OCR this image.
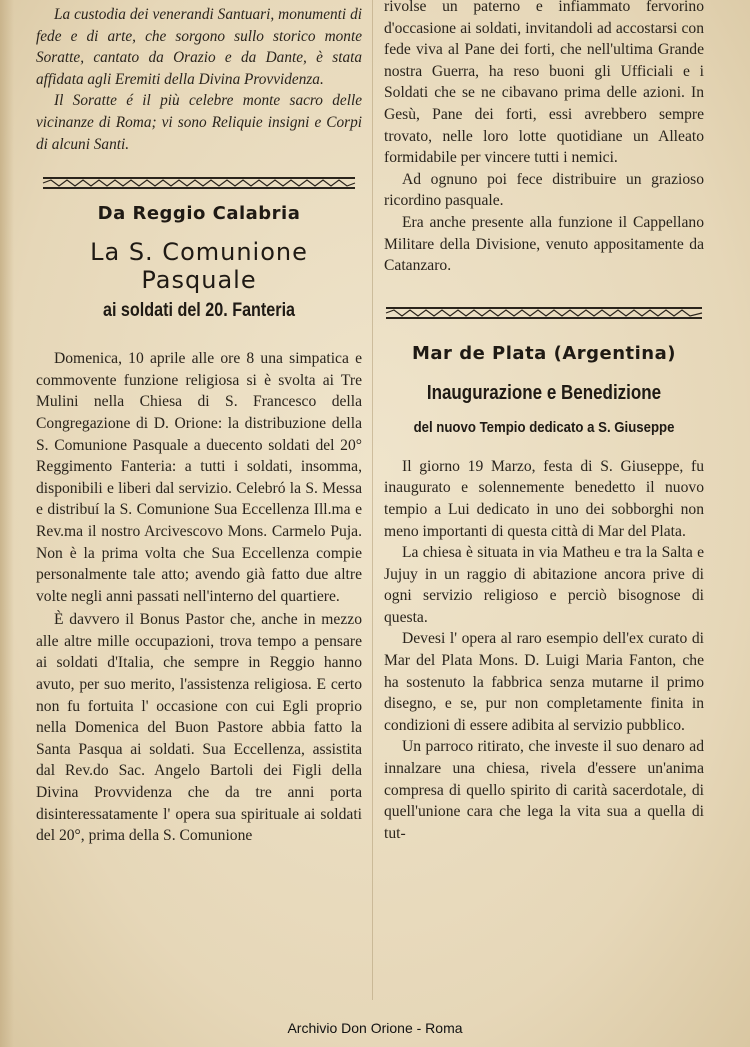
La custodia dei venerandi Santuari, monumenti di fede e di arte, che sorgono sullo storico monte Soratte, cantato da Orazio e da Dante, è stata affidata agli Eremiti della Divina Provvidenza.

Il Soratte é il più celebre monte sacro delle vicinanze di Roma; vi sono Reliquie insigni e Corpi di alcuni Santi.

Da Reggio Calabria
La S. Comunione Pasquale
ai soldati del 20. Fanteria

Domenica, 10 aprile alle ore 8 una simpatica e commovente funzione religiosa si è svolta ai Tre Mulini nella Chiesa di S. Francesco della Congregazione di D. Orione: la distribuzione della S. Comunione Pasquale a duecento soldati del 20° Reggimento Fanteria: a tutti i soldati, insomma, disponibili e liberi dal servizio. Celebró la S. Messa e distribuí la S. Comunione Sua Eccellenza Ill.ma e Rev.ma il nostro Arcivescovo Mons. Carmelo Puja. Non è la prima volta che Sua Eccellenza compie personalmente tale atto; avendo già fatto due altre volte negli anni passati nell'interno del quartiere.

È davvero il Bonus Pastor che, anche in mezzo alle altre mille occupazioni, trova tempo a pensare ai soldati d'Italia, che sempre in Reggio hanno avuto, per suo merito, l'assistenza religiosa. E certo non fu fortuita l' occasione con cui Egli proprio nella Domenica del Buon Pastore abbia fatto la Santa Pasqua ai soldati. Sua Eccellenza, assistita dal Rev.do Sac. Angelo Bartoli dei Figli della Divina Provvidenza che da tre anni porta disinteressatamente l' opera sua spirituale ai soldati del 20°, prima della S. Comunione

rivolse un paterno e infiammato fervorino d'occasione ai soldati, invitandoli ad accostarsi con fede viva al Pane dei forti, che nell'ultima Grande nostra Guerra, ha reso buoni gli Ufficiali e i Soldati che se ne cibavano prima delle azioni. In Gesù, Pane dei forti, essi avrebbero sempre trovato, nelle loro lotte quotidiane un Alleato formidabile per vincere tutti i nemici.

Ad ognuno poi fece distribuire un grazioso ricordino pasquale.

Era anche presente alla funzione il Cappellano Militare della Divisione, venuto appositamente da Catanzaro.

Mar de Plata (Argentina)
Inaugurazione e Benedizione
del nuovo Tempio dedicato a S. Giuseppe

Il giorno 19 Marzo, festa di S. Giuseppe, fu inaugurato e solennemente benedetto il nuovo tempio a Lui dedicato in uno dei sobborghi non meno importanti di questa città di Mar del Plata.

La chiesa è situata in via Matheu e tra la Salta e Jujuy in un raggio di abitazione ancora prive di ogni servizio religioso e perciò bisognose di questa.

Devesi l' opera al raro esempio dell'ex curato di Mar del Plata Mons. D. Luigi Maria Fanton, che ha sostenuto la fabbrica senza mutarne il primo disegno, e se, pur non completamente finita in condizioni di essere adibita al servizio pubblico.

Un parroco ritirato, che investe il suo denaro ad innalzare una chiesa, rivela d'essere un'anima compresa di quello spirito di carità sacerdotale, di quell'unione cara che lega la vita sua a quella di tut-

Archivio Don Orione - Roma
